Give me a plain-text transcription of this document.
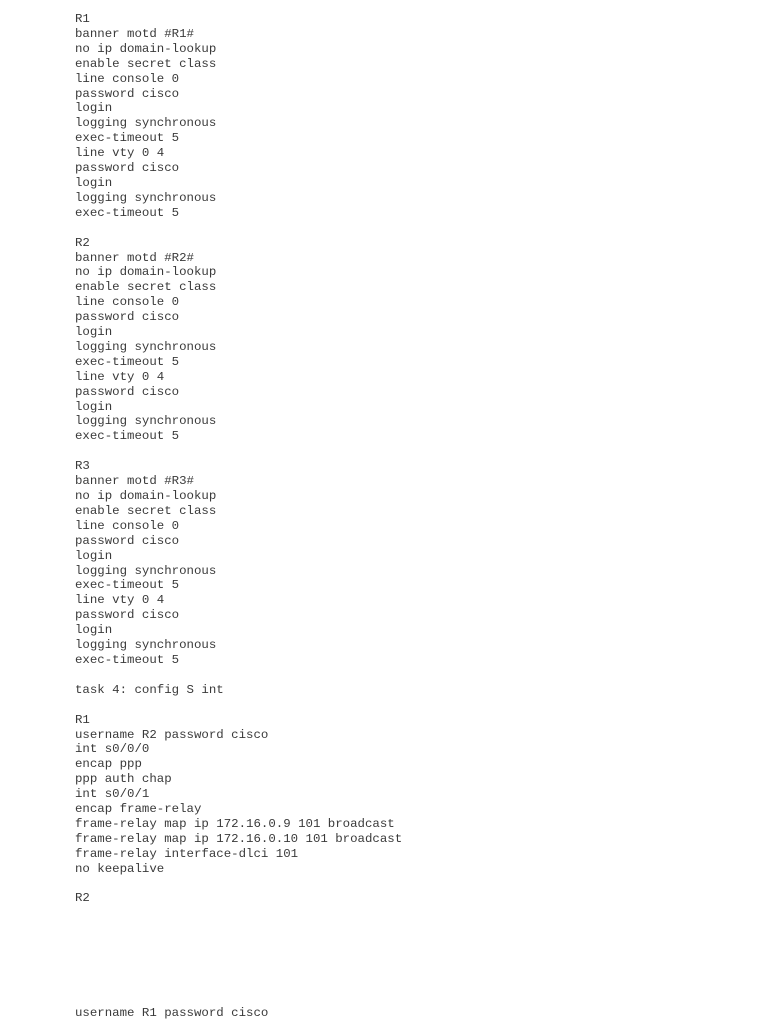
R1
banner motd #R1#
no ip domain-lookup
enable secret class
line console 0
password cisco
login
logging synchronous
exec-timeout 5
line vty 0 4
password cisco
login
logging synchronous
exec-timeout 5

R2
banner motd #R2#
no ip domain-lookup
enable secret class
line console 0
password cisco
login
logging synchronous
exec-timeout 5
line vty 0 4
password cisco
login
logging synchronous
exec-timeout 5

R3
banner motd #R3#
no ip domain-lookup
enable secret class
line console 0
password cisco
login
logging synchronous
exec-timeout 5
line vty 0 4
password cisco
login
logging synchronous
exec-timeout 5

task 4: config S int

R1
username R2 password cisco
int s0/0/0
encap ppp
ppp auth chap
int s0/0/1
encap frame-relay
frame-relay map ip 172.16.0.9 101 broadcast
frame-relay map ip 172.16.0.10 101 broadcast
frame-relay interface-dlci 101
no keepalive

R2
username R1 password cisco
